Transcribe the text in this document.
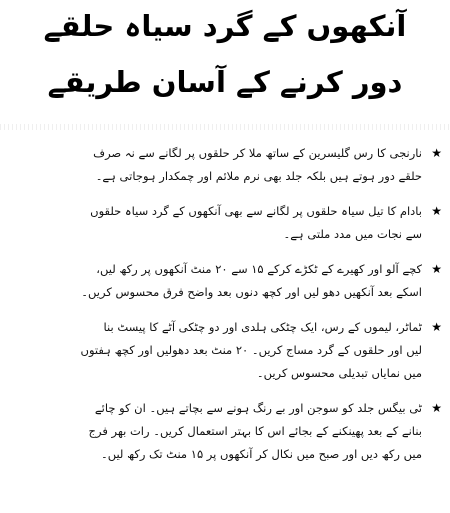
آنکھوں کے گرد سیاہ حلقے
دور کرنے کے آسان طریقے
★
نارنجی کا رس گلیسرین کے ساتھ ملا کر حلقوں پر لگانے سے نہ صرف
حلقے دور ہوتے ہیں بلکہ جلد بھی نرم ملائم اور چمکدار ہوجاتی ہے۔
★
بادام کا تیل سیاہ حلقوں پر لگانے سے بھی آنکھوں کے گرد سیاہ حلقوں
سے نجات میں مدد ملتی ہے۔
★
کچے آلو اور کھیرے کے ٹکڑے کرکے ۱۵ سے ۲۰ منٹ آنکھوں پر رکھ لیں،
اسکے بعد آنکھیں دھو لیں اور کچھ دنوں بعد واضح فرق محسوس کریں۔
★
ٹماٹر، لیموں کے رس، ایک چٹکی ہلدی اور دو چٹکی آٹے کا پیسٹ بنا
لیں اور حلقوں کے گرد مساج کریں۔ ۲۰ منٹ بعد دھولیں اور کچھ ہفتوں
میں نمایاں تبدیلی محسوس کریں۔
★
ٹی بیگس جلد کو سوجن اور بے رنگ ہونے سے بچاتے ہیں۔ ان کو چائے
بنانے کے بعد پھینکنے کے بجائے اس کا بہتر استعمال کریں۔ رات بھر فرج
میں رکھ دیں اور صبح میں نکال کر آنکھوں پر ۱۵ منٹ تک رکھ لیں۔
